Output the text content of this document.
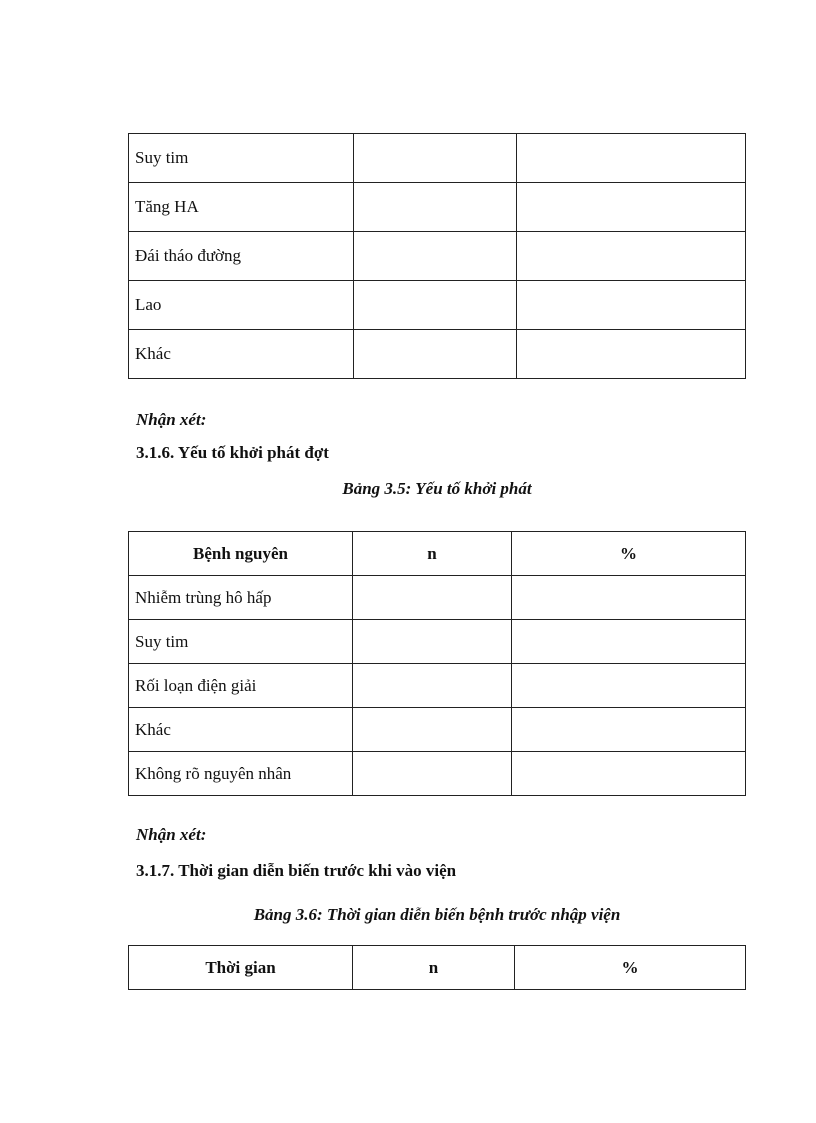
Suy tim		
Tăng HA		
Đái tháo đường		
Lao		
Khác		

Nhận xét:

3.1.6. Yếu tố khởi phát đợt

Bảng 3.5: Yếu tố khởi phát

Bệnh nguyên	n	%
Nhiễm trùng hô hấp		
Suy tim		
Rối loạn điện giải		
Khác		
Không rõ nguyên nhân		

Nhận xét:

3.1.7. Thời gian diễn biến trước khi vào viện

Bảng 3.6: Thời gian diễn biến bệnh trước nhập viện

Thời gian	n	%
